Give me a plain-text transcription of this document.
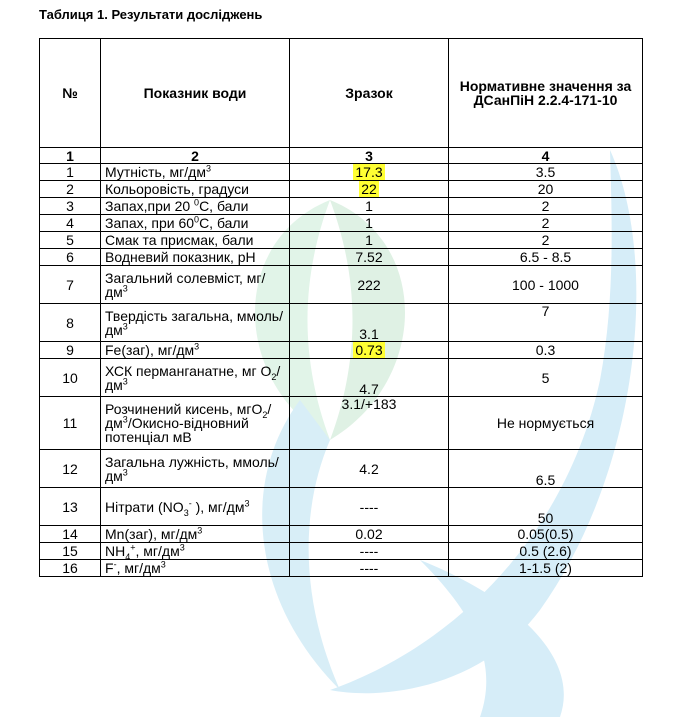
Таблиця 1. Результати досліджень
№	Показник води	Зразок	Нормативне значення за ДСанПіН 2.2.4-171-10
1	2	3	4
1	Мутність, $мг/дм^3$	17.3	3.5
2	Кольоровість, градуси	22	20
3	Запах,при 20 $^0$С, бали	1	2
4	Запах, при $60^0С$, бали	1	2
5	Смак та присмак, бали	1	2
6	Водневий показник, рН	7.52	6.5 - 8.5
7	Загальний солевміст, $мг/дм^3$	222	100 - 1000
8	Твердість загальна, ммоль/$дм^3$	3.1	7
9	Fe(заг), $мг/дм^3$	0.73	0.3
10	ХСК перманганатне, мг $O_2/дм^3$	4.7	5
11	Розчинений кисень, $мгО_2/дм^3/Окисно$-відновний потенціал мВ	3.1/+183	Не нормується
12	Загальна лужність, ммоль/ $дм^3$	4.2	6.5
13	Нітрати ($NO_3^-$ ), $мг/дм^3$	----	50
14	Mn(заг), $мг/дм^3$	0.02	0.05(0.5)
15	$NH_4^+$, $мг/дм^3$	----	0.5 (2.6)
16	F-, $мг/дм^3$	----	1-1.5 (2)
